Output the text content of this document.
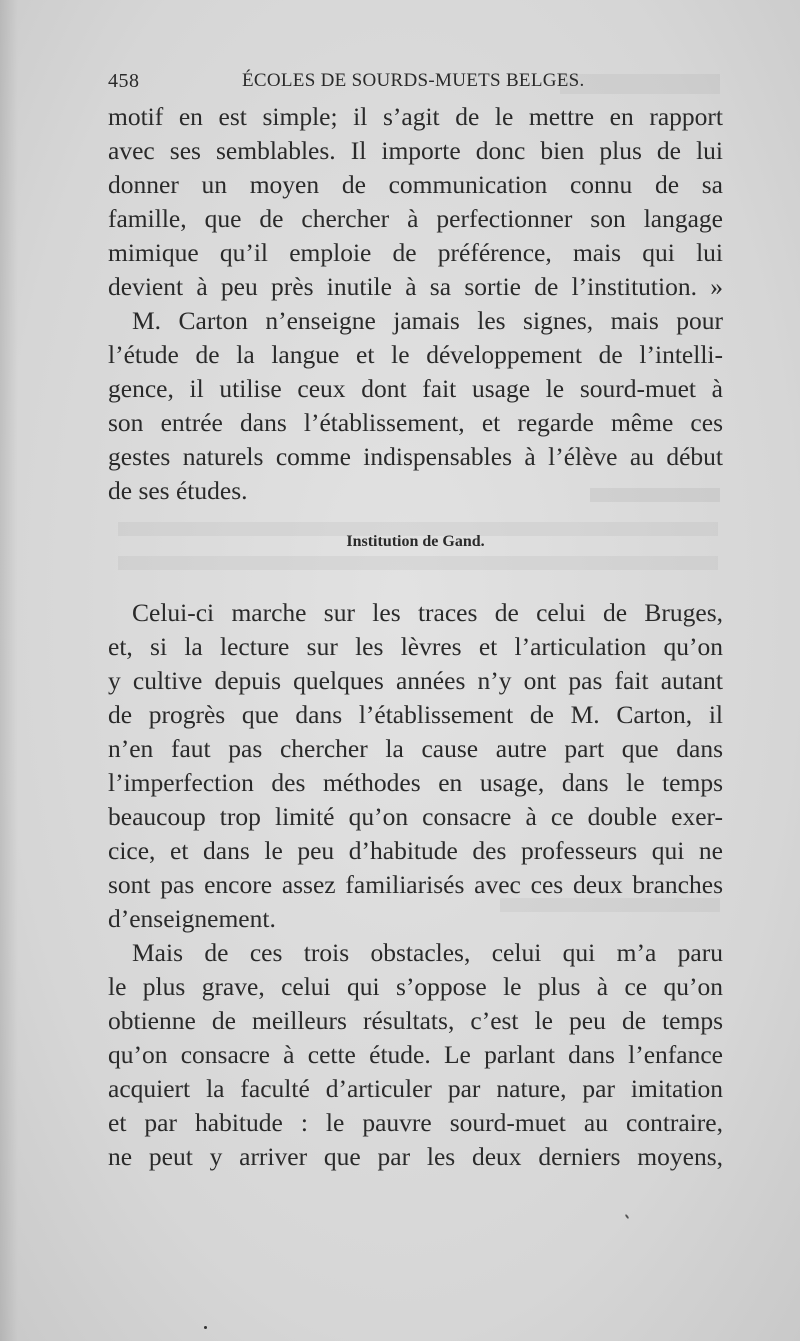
458	ÉCOLES DE SOURDS-MUETS BELGES.
motif en est simple; il s’agit de le mettre en rapport
avec ses semblables. Il importe donc bien plus de lui
donner un moyen de communication connu de sa
famille, que de chercher à perfectionner son langage
mimique qu’il emploie de préférence, mais qui lui
devient à peu près inutile à sa sortie de l’institution. »
M. Carton n’enseigne jamais les signes, mais pour
l’étude de la langue et le développement de l’intelli-
gence, il utilise ceux dont fait usage le sourd-muet à
son entrée dans l’établissement, et regarde même ces
gestes naturels comme indispensables à l’élève au début
de ses études.
Institution de Gand.
Celui-ci marche sur les traces de celui de Bruges,
et, si la lecture sur les lèvres et l’articulation qu’on
y cultive depuis quelques années n’y ont pas fait autant
de progrès que dans l’établissement de M. Carton, il
n’en faut pas chercher la cause autre part que dans
l’imperfection des méthodes en usage, dans le temps
beaucoup trop limité qu’on consacre à ce double exer-
cice, et dans le peu d’habitude des professeurs qui ne
sont pas encore assez familiarisés avec ces deux branches
d’enseignement.
Mais de ces trois obstacles, celui qui m’a paru
le plus grave, celui qui s’oppose le plus à ce qu’on
obtienne de meilleurs résultats, c’est le peu de temps
qu’on consacre à cette étude. Le parlant dans l’enfance
acquiert la faculté d’articuler par nature, par imitation
et par habitude : le pauvre sourd-muet au contraire,
ne peut y arriver que par les deux derniers moyens,
